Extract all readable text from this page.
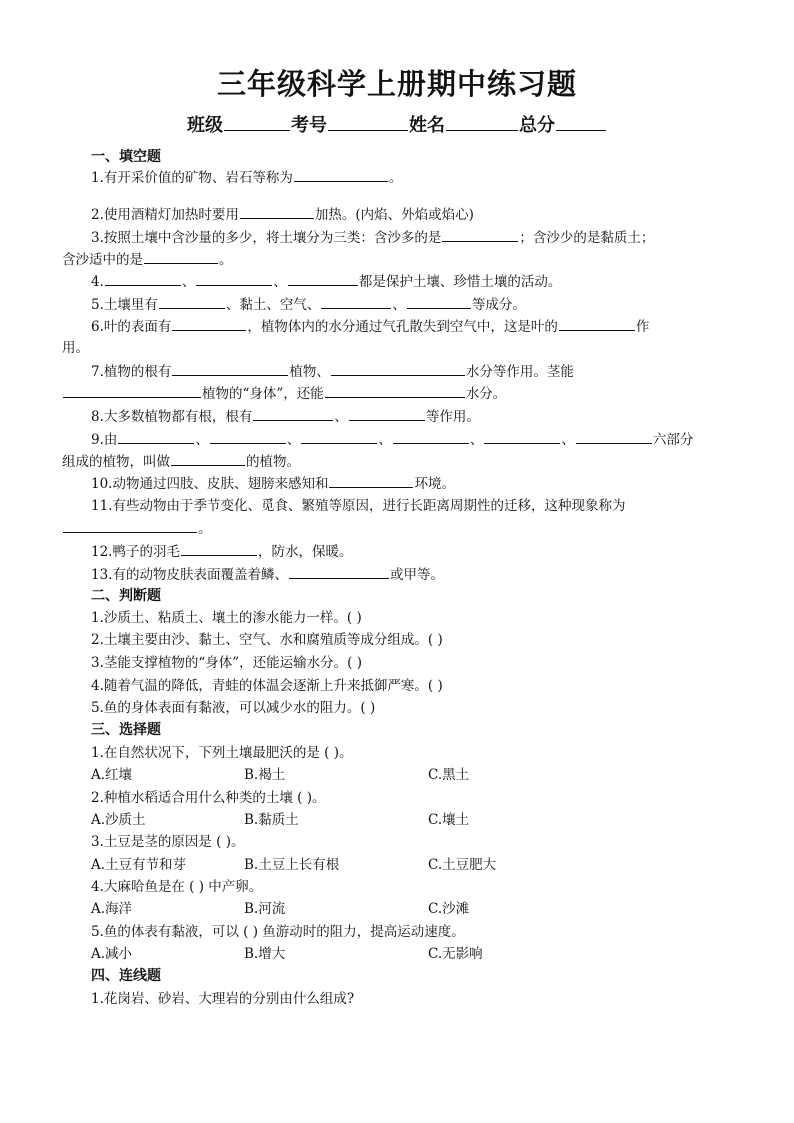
三年级科学上册期中练习题
班级	考号	姓名	总分
一、填空题
1.有开采价值的矿物、岩石等称为	。
2.使用酒精灯加热时要用	加热。(内焰、外焰或焰心)
3.按照土壤中含沙量的多少，将土壤分为三类：含沙多的是	；含沙少的是黏质土；
含沙适中的是	。
4.	、	、	都是保护土壤、珍惜土壤的活动。
5.土壤里有	、黏土、空气、	、	等成分。
6.叶的表面有	，植物体内的水分通过气孔散失到空气中，这是叶的	作
用。
7.植物的根有	植物、	水分等作用。茎能
植物的“身体”，还能	水分。
8.大多数植物都有根，根有	、	等作用。
9.由	、	、	、	、	、	六部分
组成的植物，叫做	的植物。
10.动物通过四肢、皮肤、翅膀来感知和	环境。
11.有些动物由于季节变化、觅食、繁殖等原因，进行长距离周期性的迁移，这种现象称为
。
12.鸭子的羽毛	，防水，保暖。
13.有的动物皮肤表面覆盖着鳞、	或甲等。
二、判断题
1.沙质土、粘质土、壤土的渗水能力一样。( )
2.土壤主要由沙、黏土、空气、水和腐殖质等成分组成。( )
3.茎能支撑植物的“身体”，还能运输水分。( )
4.随着气温的降低，青蛙的体温会逐渐上升来抵御严寒。( )
5.鱼的身体表面有黏液，可以减少水的阻力。( )
三、选择题
1.在自然状况下，下列土壤最肥沃的是 ( )。
A.红壤	B.褐土	C.黑土
2.种植水稻适合用什么种类的土壤 ( )。
A.沙质土	B.黏质土	C.壤土
3.土豆是茎的原因是 ( )。
A.土豆有节和芽	B.土豆上长有根	C.土豆肥大
4.大麻哈鱼是在 ( ) 中产卵。
A.海洋	B.河流	C.沙滩
5.鱼的体表有黏液，可以 ( ) 鱼游动时的阻力，提高运动速度。
A.减小	B.增大	C.无影响
四、连线题
1.花岗岩、砂岩、大理岩的分别由什么组成?
